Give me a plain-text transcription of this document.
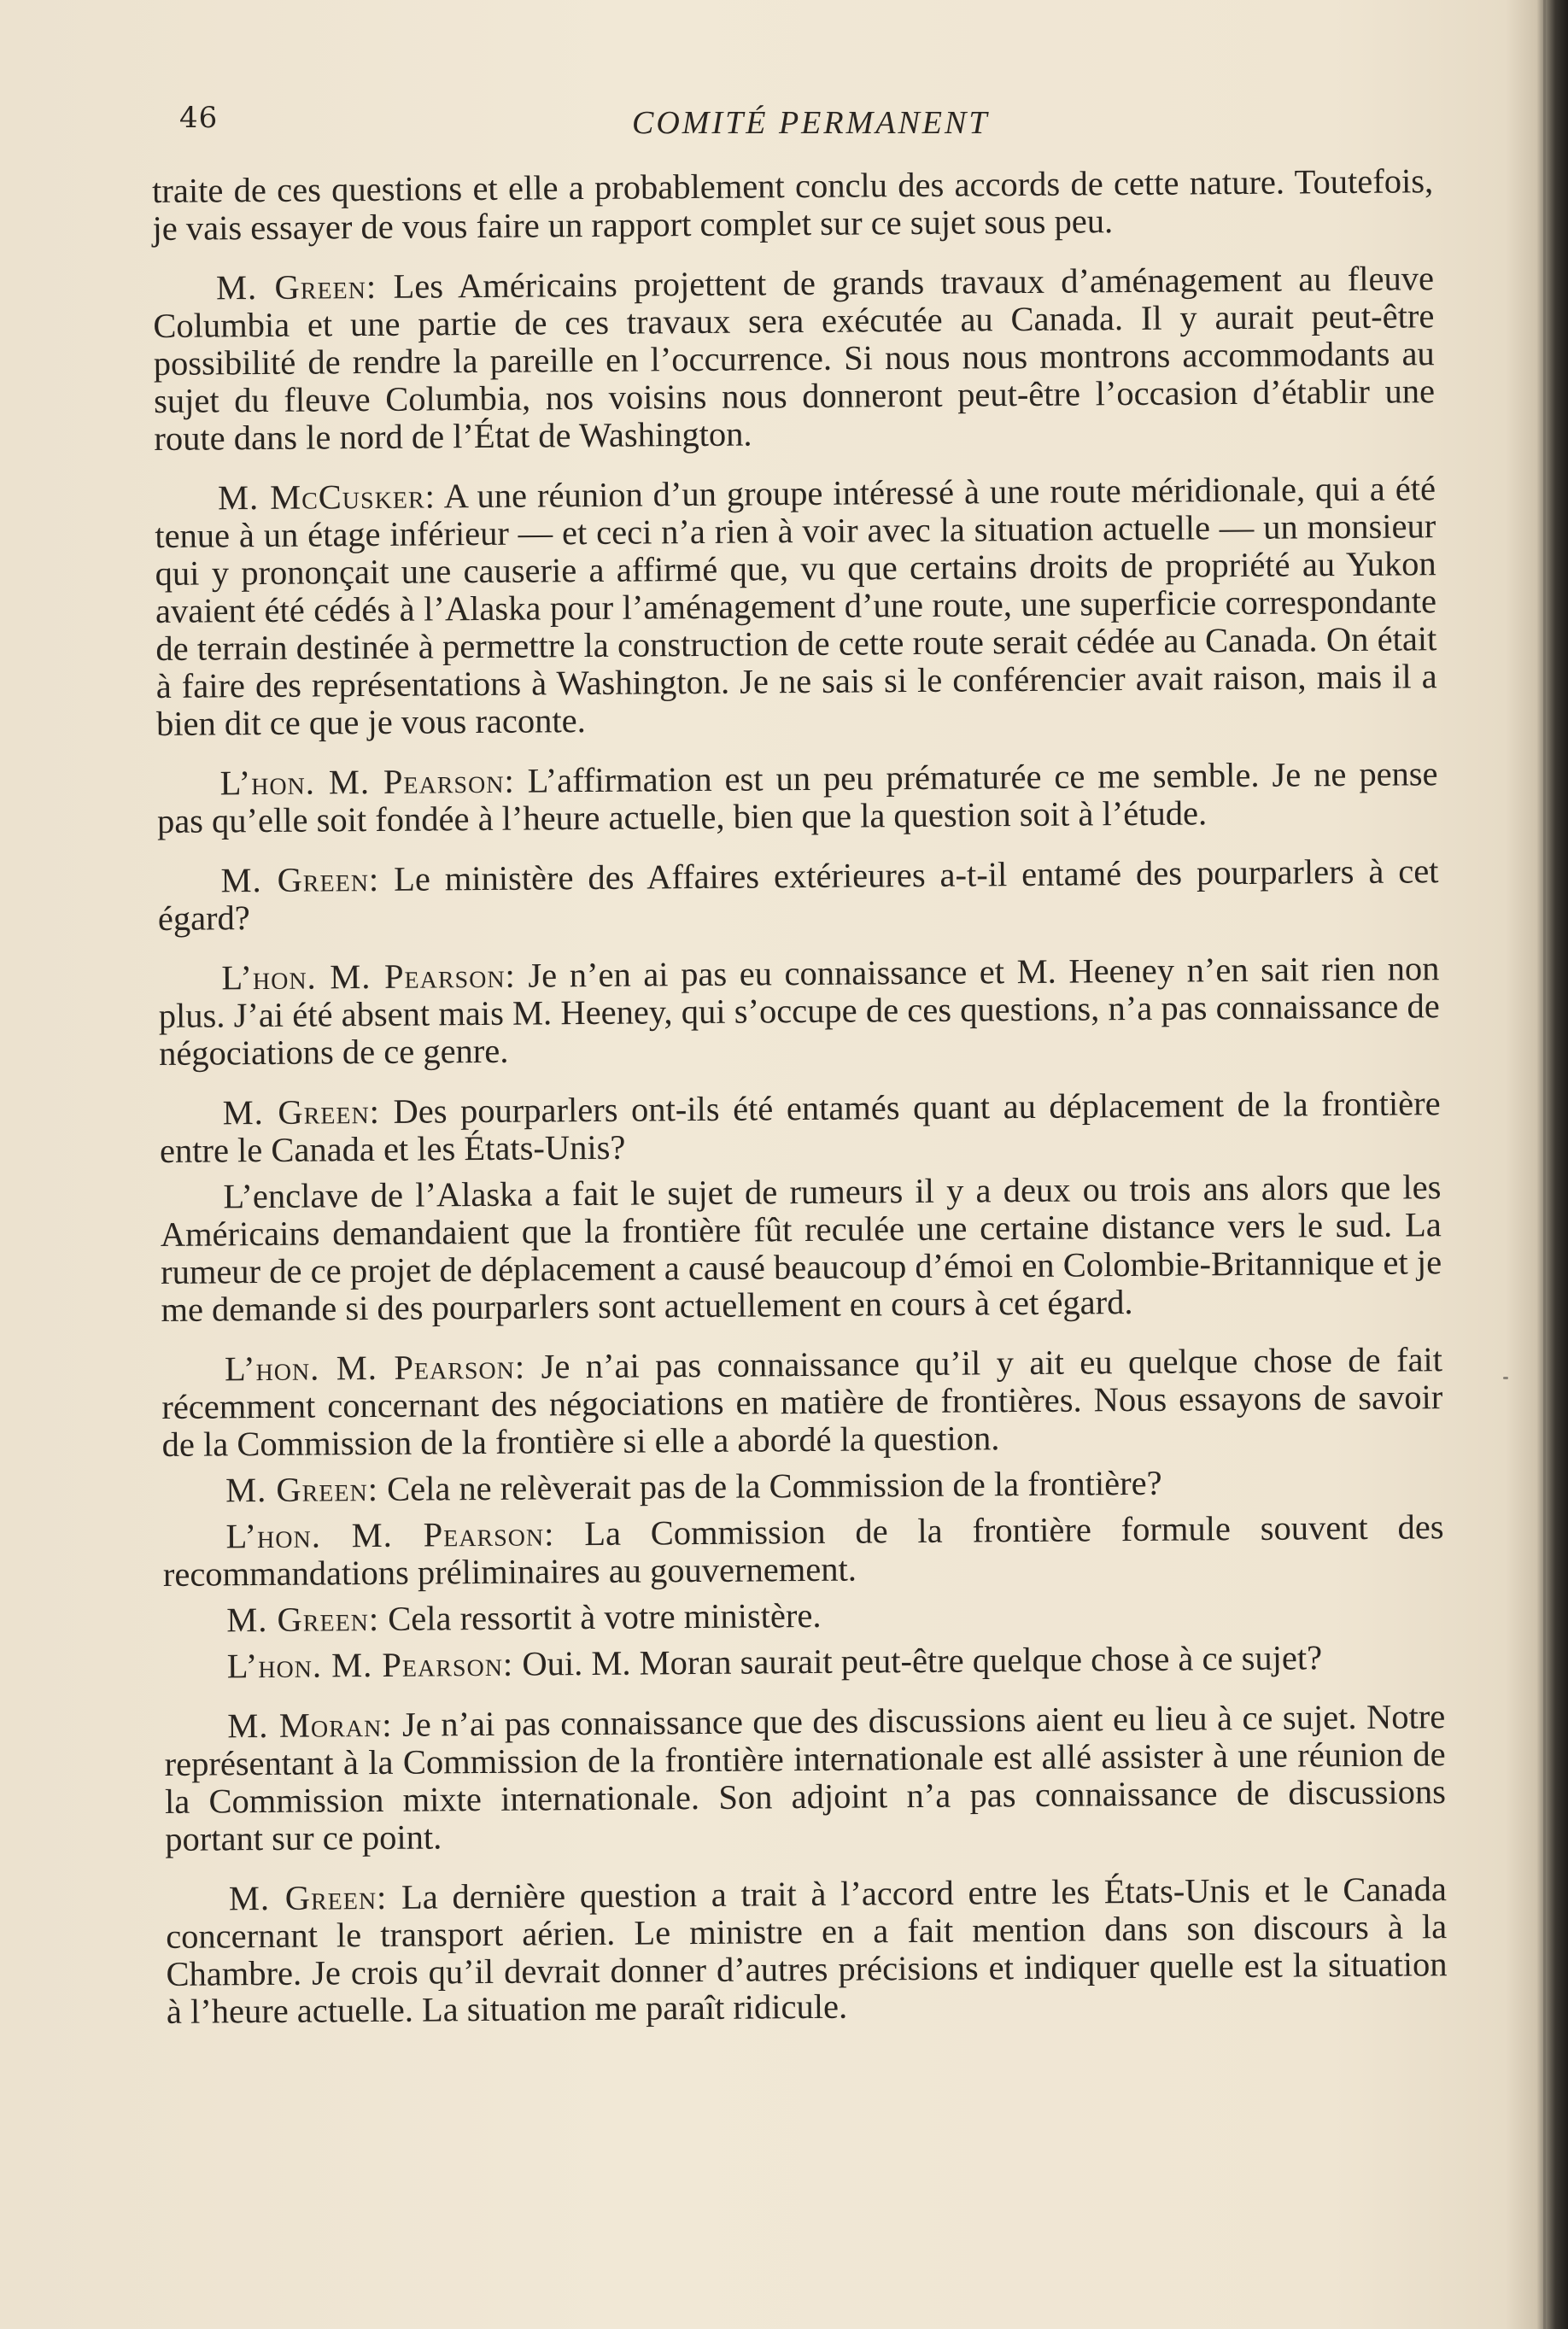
46	COMITÉ PERMANENT

traite de ces questions et elle a probablement conclu des accords de cette nature. Toutefois, je vais essayer de vous faire un rapport complet sur ce sujet sous peu.

M. Green: Les Américains projettent de grands travaux d’aménagement au fleuve Columbia et une partie de ces travaux sera exécutée au Canada. Il y aurait peut-être possibilité de rendre la pareille en l’occurrence. Si nous nous montrons accommodants au sujet du fleuve Columbia, nos voisins nous donneront peut-être l’occasion d’établir une route dans le nord de l’État de Washington.

M. McCusker: A une réunion d’un groupe intéressé à une route méridionale, qui a été tenue à un étage inférieur — et ceci n’a rien à voir avec la situation actuelle — un monsieur qui y prononçait une causerie a affirmé que, vu que certains droits de propriété au Yukon avaient été cédés à l’Alaska pour l’aménagement d’une route, une superficie correspondante de terrain destinée à permettre la construction de cette route serait cédée au Canada. On était à faire des représentations à Washington. Je ne sais si le conférencier avait raison, mais il a bien dit ce que je vous raconte.

L’hon. M. Pearson: L’affirmation est un peu prématurée ce me semble. Je ne pense pas qu’elle soit fondée à l’heure actuelle, bien que la question soit à l’étude.

M. Green: Le ministère des Affaires extérieures a-t-il entamé des pourparlers à cet égard?

L’hon. M. Pearson: Je n’en ai pas eu connaissance et M. Heeney n’en sait rien non plus. J’ai été absent mais M. Heeney, qui s’occupe de ces questions, n’a pas connaissance de négociations de ce genre.

M. Green: Des pourparlers ont-ils été entamés quant au déplacement de la frontière entre le Canada et les États-Unis?

L’enclave de l’Alaska a fait le sujet de rumeurs il y a deux ou trois ans alors que les Américains demandaient que la frontière fût reculée une certaine distance vers le sud. La rumeur de ce projet de déplacement a causé beaucoup d’émoi en Colombie-Britannique et je me demande si des pourparlers sont actuellement en cours à cet égard.

L’hon. M. Pearson: Je n’ai pas connaissance qu’il y ait eu quelque chose de fait récemment concernant des négociations en matière de frontières. Nous essayons de savoir de la Commission de la frontière si elle a abordé la question.

M. Green: Cela ne relèverait pas de la Commission de la frontière?

L’hon. M. Pearson: La Commission de la frontière formule souvent des recommandations préliminaires au gouvernement.

M. Green: Cela ressortit à votre ministère.

L’hon. M. Pearson: Oui. M. Moran saurait peut-être quelque chose à ce sujet?

M. Moran: Je n’ai pas connaissance que des discussions aient eu lieu à ce sujet. Notre représentant à la Commission de la frontière internationale est allé assister à une réunion de la Commission mixte internationale. Son adjoint n’a pas connaissance de discussions portant sur ce point.

M. Green: La dernière question a trait à l’accord entre les États-Unis et le Canada concernant le transport aérien. Le ministre en a fait mention dans son discours à la Chambre. Je crois qu’il devrait donner d’autres précisions et indiquer quelle est la situation à l’heure actuelle. La situation me paraît ridicule.
